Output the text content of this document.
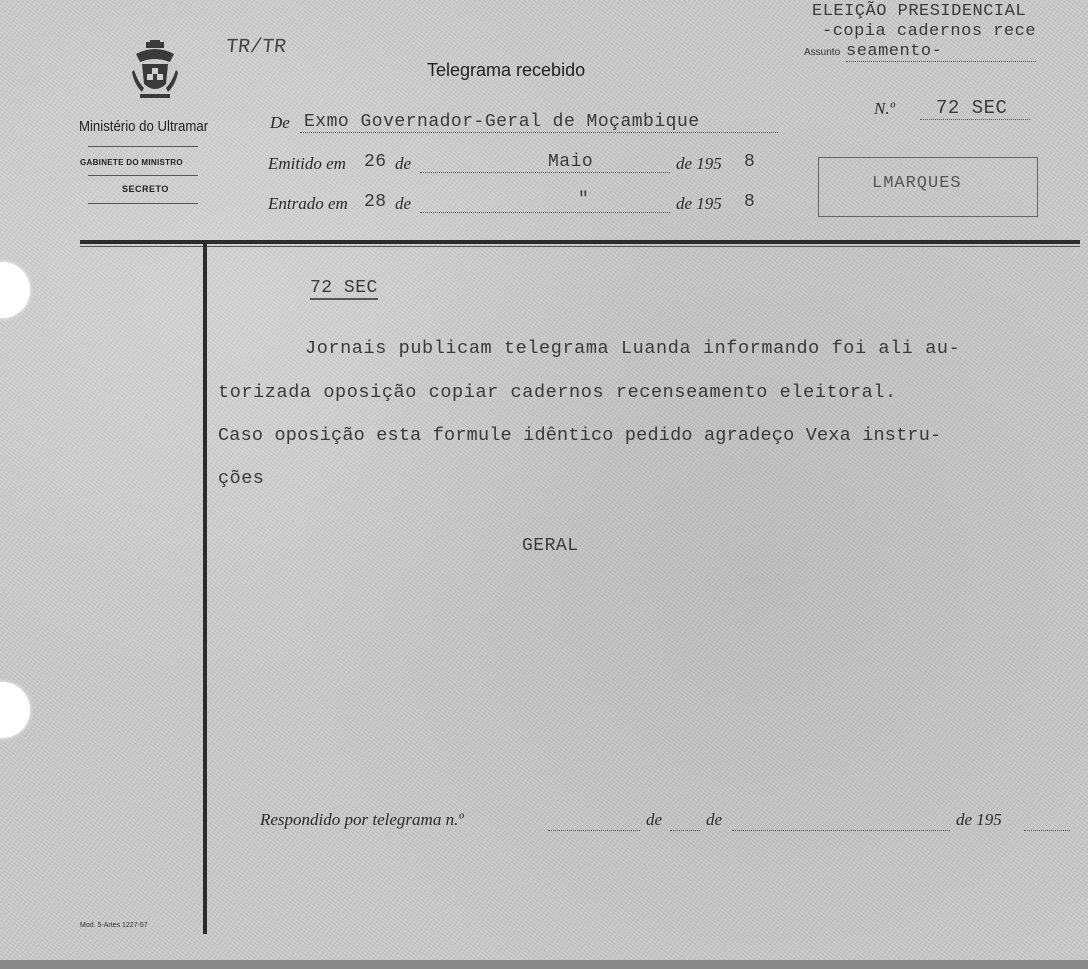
TR/TR
Ministério do Ultramar
GABINETE DO MINISTRO
SECRETO
Telegrama recebido
ELEIÇÃO PRESIDENCIAL
-copia cadernos rece
Assunto seamento-
N.º	72 SEC
LMARQUES
De Exmo Governador-Geral de Moçambique
Emitido em 26 de	Maio	de 195 8
Entrado em 28 de	"	de 195 8
72 SEC
Jornais publicam telegrama Luanda informando foi ali au-
torizada oposição copiar cadernos recenseamento eleitoral.
Caso oposição esta formule idêntico pedido agradeço Vexa instru-
ções
GERAL
Respondido por telegrama n.º	de	de	de 195
Mod. 5-Artes 1227-57
